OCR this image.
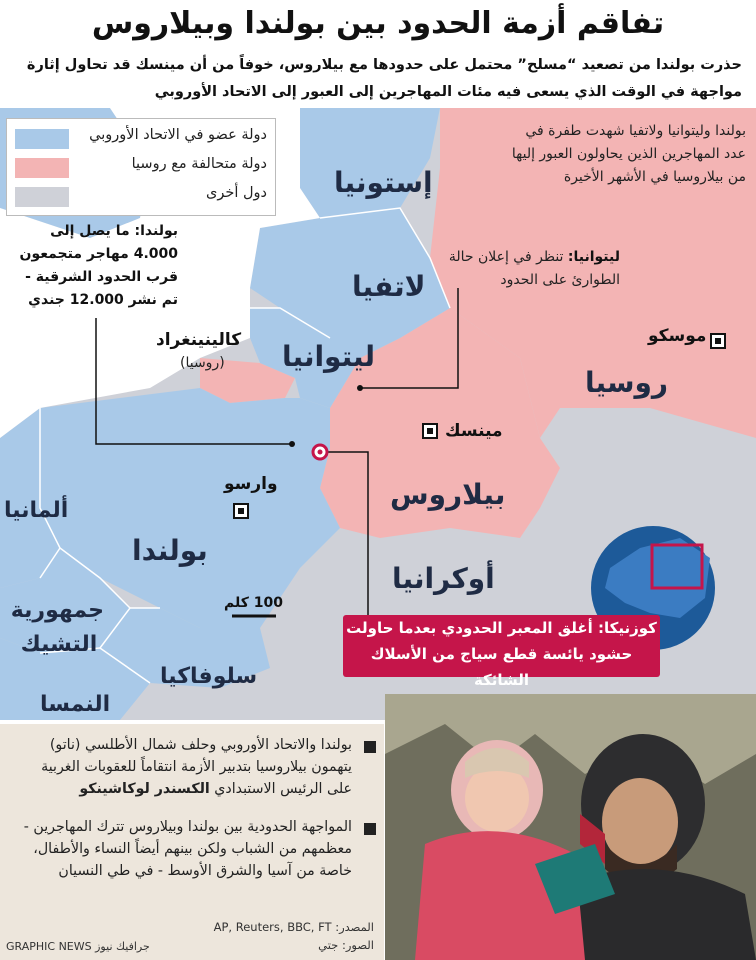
تفاقم أزمة الحدود بين بولندا وبيلاروس
حذرت بولندا من تصعيد “مسلح” محتمل على حدودها مع بيلاروس، خوفاً من أن مينسك قد تحاول إثارة مواجهة في الوقت الذي يسعى فيه مئات المهاجرين إلى العبور إلى الاتحاد الأوروبي
دولة عضو في الاتحاد الأوروبي
دولة متحالفة مع روسيا
دول أخرى إستونيا
لاتفيا
ليتوانيا
بيلاروس
روسيا
بولندا
أوكرانيا
ألمانيا
جمهورية التشيك
سلوفاكيا
النمسا
موسكو
مينسك
وارسو
كالينينغراد
(روسيا)
بولندا: ما يصل إلى 4.000 مهاجر متجمعون قرب الحدود الشرقية - تم نشر 12.000 جندي
ليتوانيا: تنظر في إعلان حالة الطوارئ على الحدود
بولندا وليتوانيا ولاتفيا شهدت طفرة في عدد المهاجرين الذين يحاولون العبور إليها من بيلاروسيا في الأشهر الأخيرة
100 كلم
كوزنيكا: أغلق المعبر الحدودي بعدما حاولت حشود يائسة قطع سياج من الأسلاك الشائكة
بولندا والاتحاد الأوروبي وحلف شمال الأطلسي (ناتو) يتهمون بيلاروسيا بتدبير الأزمة انتقاماً للعقوبات الغربية على الرئيس الاستبدادي الكسندر لوكاشينكو
المواجهة الحدودية بين بولندا وبيلاروس تترك المهاجرين - معظمهم من الشباب ولكن بينهم أيضاً النساء والأطفال، خاصة من آسيا والشرق الأوسط - في طي النسيان
المصدر: AP, Reuters, BBC, FT
الصور: جتي
GRAPHIC NEWS جرافيك نيوز
